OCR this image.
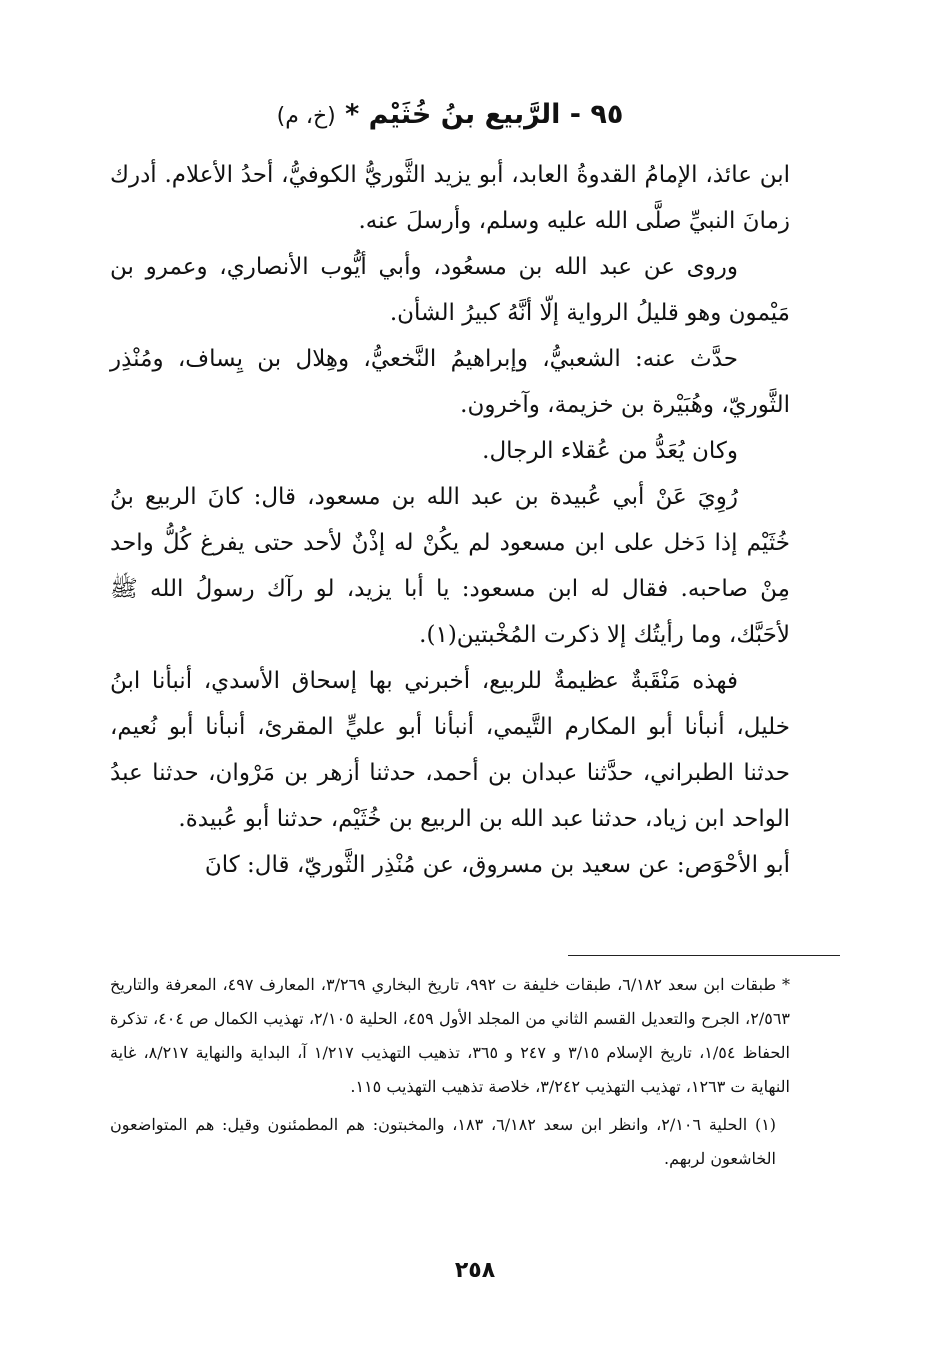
٩٥ - الرَّبيع بنُ خُثَيْم * (خ، م)

ابن عائذ، الإمامُ القدوةُ العابد، أبو يزيد الثَّوريُّ الكوفيُّ، أحدُ الأعلام. أدرك زمانَ النبيِّ صلَّى الله عليه وسلم، وأرسلَ عنه.

وروى عن عبد الله بن مسعُود، وأبي أيُّوب الأنصاري، وعمرو بن مَيْمون وهو قليلُ الرواية إلّا أنَّهُ كبيرُ الشأن.

حدَّث عنه: الشعبيُّ، وإبراهيمُ النَّخعيُّ، وهِلال بن يِساف، ومُنْذِر الثَّوريّ، وهُبَيْرة بن خزيمة، وآخرون.

وكان يُعَدُّ من عُقلاء الرجال.

رُوِيَ عَنْ أبي عُبيدة بن عبد الله بن مسعود، قال: كانَ الربيع بنُ خُثَيْم إذا دَخل على ابن مسعود لم يكُنْ له إذْنٌ لأحد حتى يفرغ كُلُّ واحد مِنْ صاحبه. فقال له ابن مسعود: يا أبا يزيد، لو رآك رسولُ الله ﷺ لأحَبَّك، وما رأيتُك إلا ذكرت المُخْبتين(١).

فهذه مَنْقَبةٌ عظيمةٌ للربيع، أخبرني بها إسحاق الأسدي، أنبأنا ابنُ خليل، أنبأنا أبو المكارم التَّيمي، أنبأنا أبو عليٍّ المقرئ، أنبأنا أبو نُعيم، حدثنا الطبراني، حدَّثنا عبدان بن أحمد، حدثنا أزهر بن مَرْوان، حدثنا عبدُ الواحد ابن زياد، حدثنا عبد الله بن الربيع بن خُثَيْم، حدثنا أبو عُبيدة.

أبو الأحْوَص: عن سعيد بن مسروق، عن مُنْذِر الثَّوريّ، قال: كانَ

* طبقات ابن سعد ٦/١٨٢، طبقات خليفة ت ٩٩٢، تاريخ البخاري ٣/٢٦٩، المعارف ٤٩٧، المعرفة والتاريخ ٢/٥٦٣، الجرح والتعديل القسم الثاني من المجلد الأول ٤٥٩، الحلية ٢/١٠٥، تهذيب الكمال ص ٤٠٤، تذكرة الحفاظ ١/٥٤، تاريخ الإسلام ٣/١٥ و ٢٤٧ و ٣٦٥، تذهيب التهذيب ١/٢١٧ آ، البداية والنهاية ٨/٢١٧، غاية النهاية ت ١٢٦٣، تهذيب التهذيب ٣/٢٤٢، خلاصة تذهيب التهذيب ١١٥.

(١) الحلية ٢/١٠٦، وانظر ابن سعد ٦/١٨٢، ١٨٣، والمخبتون: هم المطمئنون وقيل: هم المتواضعون الخاشعون لربهم.

٢٥٨
